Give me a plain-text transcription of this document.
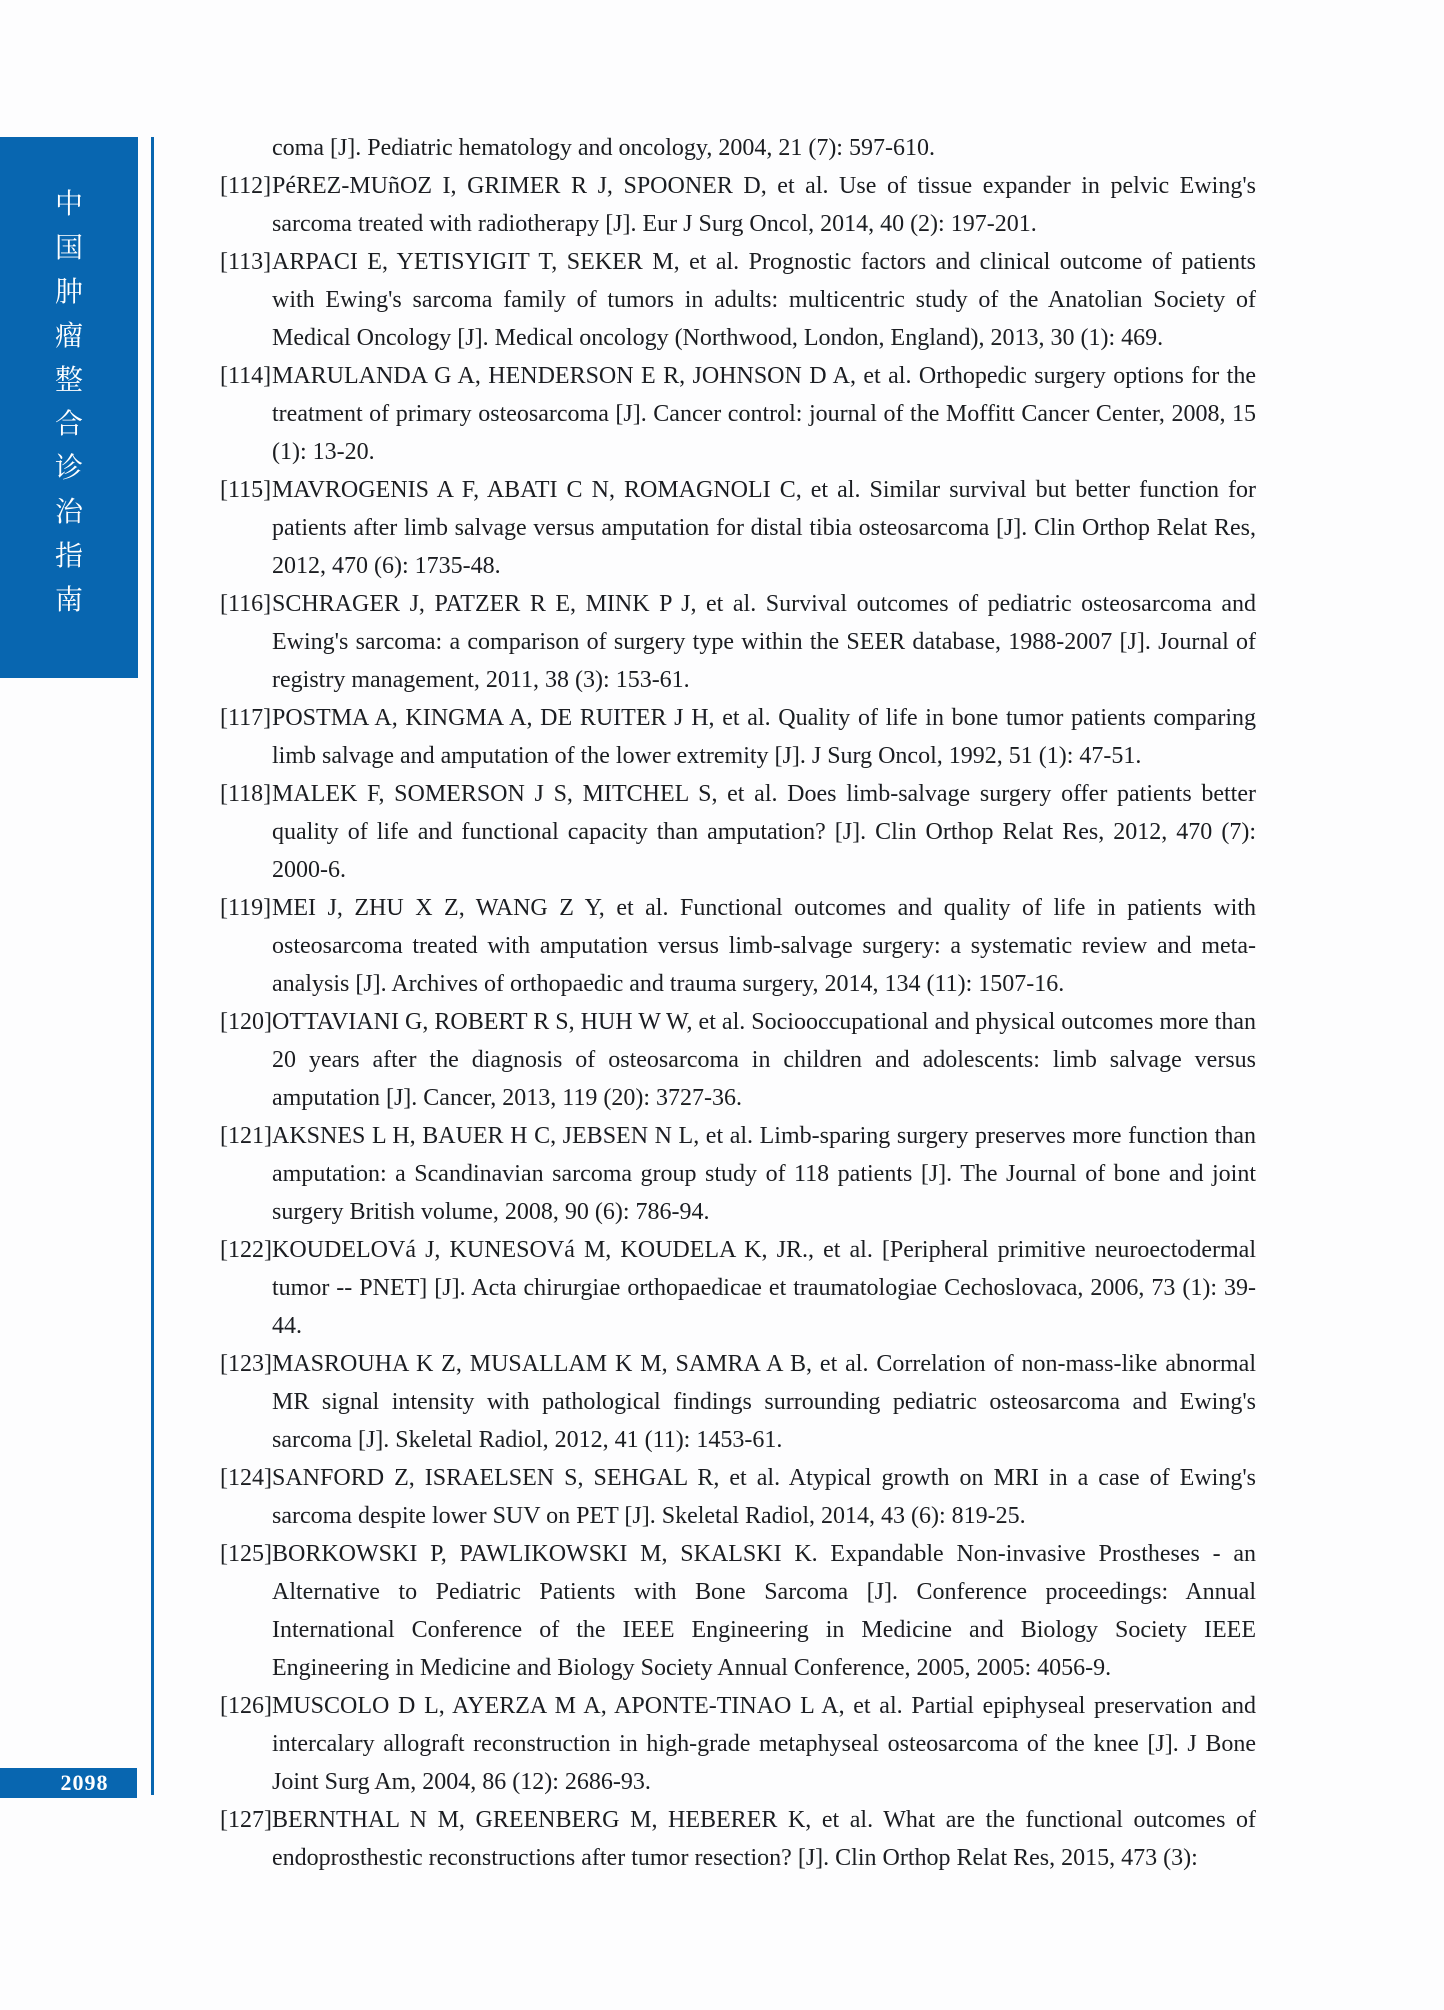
中
国
肿
瘤
整
合
诊
治
指
南
2098
coma [J]. Pediatric hematology and oncology, 2004, 21 (7): 597-610.
[112] PéREZ-MUñOZ I, GRIMER R J, SPOONER D, et al. Use of tissue expander in pelvic Ewing's sarcoma treated with radiotherapy [J]. Eur J Surg Oncol, 2014, 40 (2): 197-201.
[113] ARPACI E, YETISYIGIT T, SEKER M, et al. Prognostic factors and clinical outcome of patients with Ewing's sarcoma family of tumors in adults: multicentric study of the Anatolian Society of Medical Oncology [J]. Medical oncology (Northwood, London, England), 2013, 30 (1): 469.
[114] MARULANDA G A, HENDERSON E R, JOHNSON D A, et al. Orthopedic surgery options for the treatment of primary osteosarcoma [J]. Cancer control: journal of the Moffitt Cancer Center, 2008, 15 (1): 13-20.
[115] MAVROGENIS A F, ABATI C N, ROMAGNOLI C, et al. Similar survival but better function for patients after limb salvage versus amputation for distal tibia osteosarcoma [J]. Clin Orthop Relat Res, 2012, 470 (6): 1735-48.
[116] SCHRAGER J, PATZER R E, MINK P J, et al. Survival outcomes of pediatric osteosarcoma and Ewing's sarcoma: a comparison of surgery type within the SEER database, 1988-2007 [J]. Journal of registry management, 2011, 38 (3): 153-61.
[117] POSTMA A, KINGMA A, DE RUITER J H, et al. Quality of life in bone tumor patients comparing limb salvage and amputation of the lower extremity [J]. J Surg Oncol, 1992, 51 (1): 47-51.
[118] MALEK F, SOMERSON J S, MITCHEL S, et al. Does limb-salvage surgery offer patients better quality of life and functional capacity than amputation? [J]. Clin Orthop Relat Res, 2012, 470 (7): 2000-6.
[119] MEI J, ZHU X Z, WANG Z Y, et al. Functional outcomes and quality of life in patients with osteosarcoma treated with amputation versus limb-salvage surgery: a systematic review and meta-analysis [J]. Archives of orthopaedic and trauma surgery, 2014, 134 (11): 1507-16.
[120] OTTAVIANI G, ROBERT R S, HUH W W, et al. Sociooccupational and physical outcomes more than 20 years after the diagnosis of osteosarcoma in children and adolescents: limb salvage versus amputation [J]. Cancer, 2013, 119 (20): 3727-36.
[121] AKSNES L H, BAUER H C, JEBSEN N L, et al. Limb-sparing surgery preserves more function than amputation: a Scandinavian sarcoma group study of 118 patients [J]. The Journal of bone and joint surgery British volume, 2008, 90 (6): 786-94.
[122] KOUDELOVá J, KUNESOVá M, KOUDELA K, JR., et al. [Peripheral primitive neuroectodermal tumor -- PNET] [J]. Acta chirurgiae orthopaedicae et traumatologiae Cechoslovaca, 2006, 73 (1): 39-44.
[123] MASROUHA K Z, MUSALLAM K M, SAMRA A B, et al. Correlation of non-mass-like abnormal MR signal intensity with pathological findings surrounding pediatric osteosarcoma and Ewing's sarcoma [J]. Skeletal Radiol, 2012, 41 (11): 1453-61.
[124] SANFORD Z, ISRAELSEN S, SEHGAL R, et al. Atypical growth on MRI in a case of Ewing's sarcoma despite lower SUV on PET [J]. Skeletal Radiol, 2014, 43 (6): 819-25.
[125] BORKOWSKI P, PAWLIKOWSKI M, SKALSKI K. Expandable Non-invasive Prostheses - an Alternative to Pediatric Patients with Bone Sarcoma [J]. Conference proceedings: Annual International Conference of the IEEE Engineering in Medicine and Biology Society IEEE Engineering in Medicine and Biology Society Annual Conference, 2005, 2005: 4056-9.
[126] MUSCOLO D L, AYERZA M A, APONTE-TINAO L A, et al. Partial epiphyseal preservation and intercalary allograft reconstruction in high-grade metaphyseal osteosarcoma of the knee [J]. J Bone Joint Surg Am, 2004, 86 (12): 2686-93.
[127] BERNTHAL N M, GREENBERG M, HEBERER K, et al. What are the functional outcomes of endoprosthestic reconstructions after tumor resection? [J]. Clin Orthop Relat Res, 2015, 473 (3):
